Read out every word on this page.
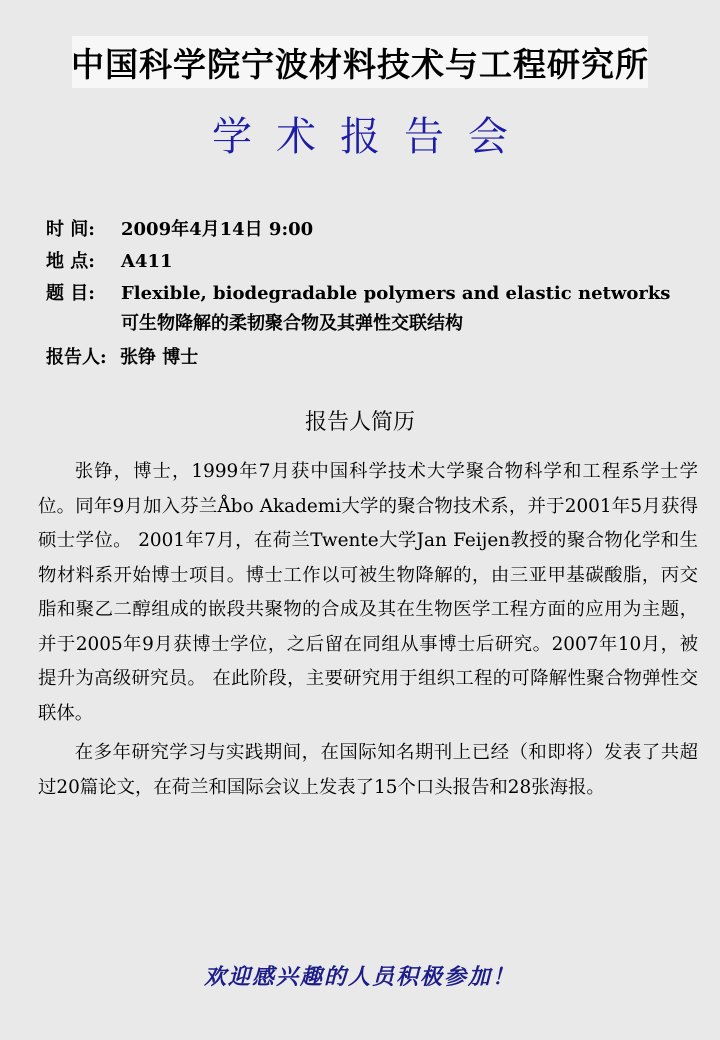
中国科学院宁波材料技术与工程研究所
学术报告会
时 间:	2009年4月14日 9:00
地 点:	A411
题 目:	Flexible, biodegradable polymers and elastic networks
可生物降解的柔韧聚合物及其弹性交联结构
报告人: 张铮 博士
报告人简历

张铮，博士，1999年7月获中国科学技术大学聚合物科学和工程系学士学位。同年9月加入芬兰Åbo Akademi大学的聚合物技术系，并于2001年5月获得硕士学位。 2001年7月，在荷兰Twente大学Jan Feijen教授的聚合物化学和生物材料系开始博士项目。博士工作以可被生物降解的，由三亚甲基碳酸脂，丙交脂和聚乙二醇组成的嵌段共聚物的合成及其在生物医学工程方面的应用为主题，并于2005年9月获博士学位，之后留在同组从事博士后研究。2007年10月，被提升为高级研究员。 在此阶段，主要研究用于组织工程的可降解性聚合物弹性交联体。

在多年研究学习与实践期间，在国际知名期刊上已经（和即将）发表了共超过20篇论文，在荷兰和国际会议上发表了15个口头报告和28张海报。

欢迎感兴趣的人员积极参加！
